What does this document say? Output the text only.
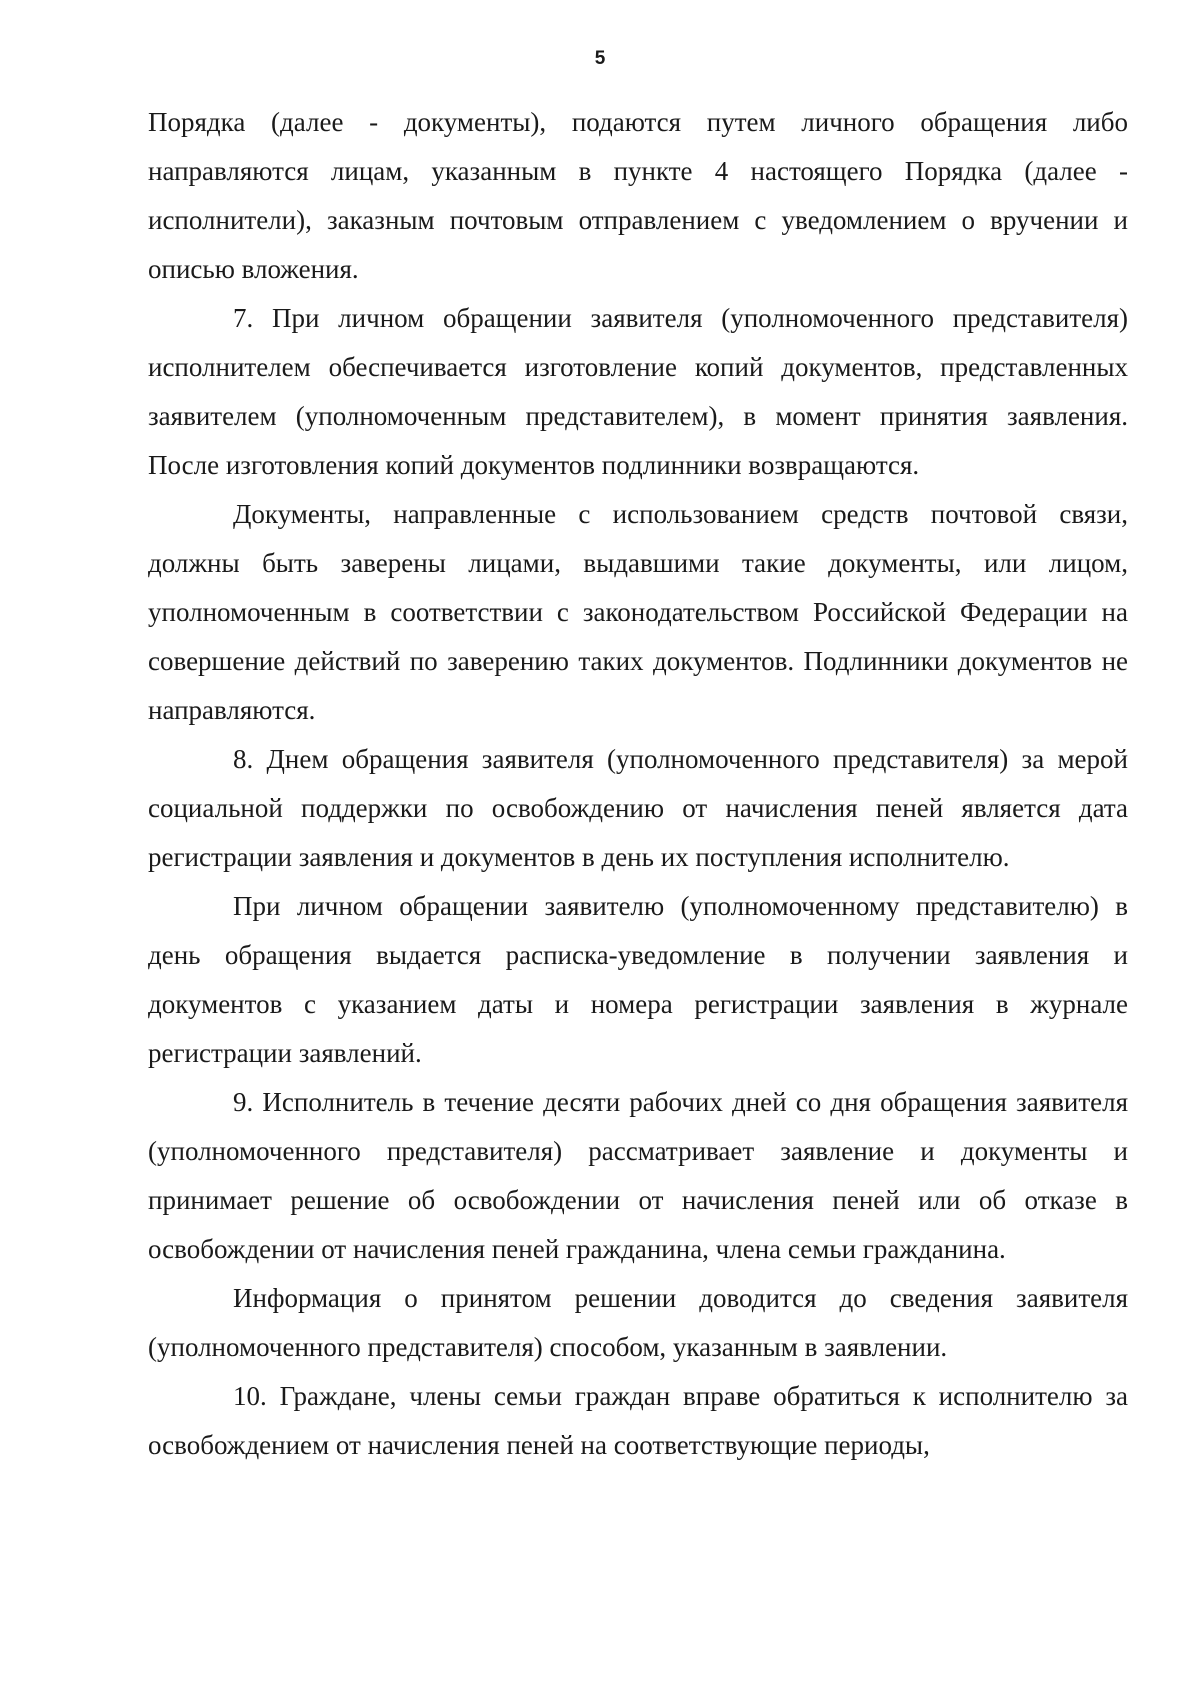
5

Порядка (далее - документы), подаются путем личного обращения либо направляются лицам, указанным в пункте 4 настоящего Порядка (далее - исполнители), заказным почтовым отправлением с уведомлением о вручении и описью вложения.

7. При личном обращении заявителя (уполномоченного представителя) исполнителем обеспечивается изготовление копий документов, представленных заявителем (уполномоченным представителем), в момент принятия заявления. После изготовления копий документов подлинники возвращаются.

Документы, направленные с использованием средств почтовой связи, должны быть заверены лицами, выдавшими такие документы, или лицом, уполномоченным в соответствии с законодательством Российской Федерации на совершение действий по заверению таких документов. Подлинники документов не направляются.

8. Днем обращения заявителя (уполномоченного представителя) за мерой социальной поддержки по освобождению от начисления пеней является дата регистрации заявления и документов в день их поступления исполнителю.

При личном обращении заявителю (уполномоченному представителю) в день обращения выдается расписка-уведомление в получении заявления и документов с указанием даты и номера регистрации заявления в журнале регистрации заявлений.

9. Исполнитель в течение десяти рабочих дней со дня обращения заявителя (уполномоченного представителя) рассматривает заявление и документы и принимает решение об освобождении от начисления пеней или об отказе в освобождении от начисления пеней гражданина, члена семьи гражданина.

Информация о принятом решении доводится до сведения заявителя (уполномоченного представителя) способом, указанным в заявлении.

10. Граждане, члены семьи граждан вправе обратиться к исполнителю за освобождением от начисления пеней на соответствующие периоды,
